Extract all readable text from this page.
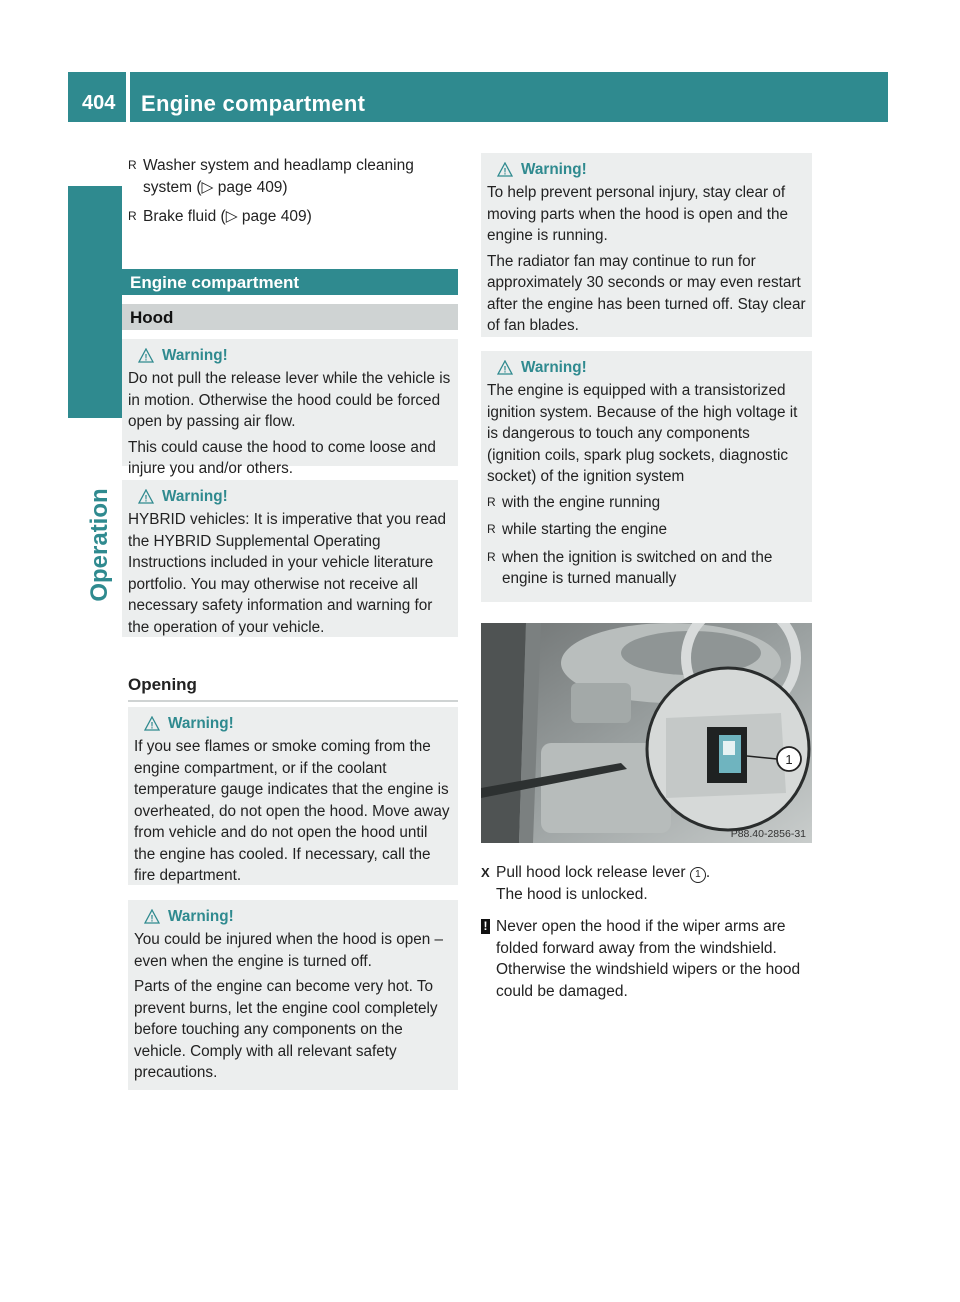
404 Engine compartment
Operation
R Washer system and headlamp cleaning system (▷ page 409)
R Brake fluid (▷ page 409)
Engine compartment
Hood
! Warning!

Do not pull the release lever while the vehicle is in motion. Otherwise the hood could be forced open by passing air flow.

This could cause the hood to come loose and injure you and/or others.

! Warning!

HYBRID vehicles: It is imperative that you read the HYBRID Supplemental Operating Instructions included in your vehicle literature portfolio. You may otherwise not receive all necessary safety information and warning for the operation of your vehicle.

Opening
! Warning!

If you see flames or smoke coming from the engine compartment, or if the coolant temperature gauge indicates that the engine is overheated, do not open the hood. Move away from vehicle and do not open the hood until the engine has cooled. If necessary, call the fire department.

! Warning!

You could be injured when the hood is open – even when the engine is turned off.

Parts of the engine can become very hot. To prevent burns, let the engine cool completely before touching any components on the vehicle. Comply with all relevant safety precautions.

! Warning!

To help prevent personal injury, stay clear of moving parts when the hood is open and the engine is running.

The radiator fan may continue to run for approximately 30 seconds or may even restart after the engine has been turned off. Stay clear of fan blades.

! Warning!

The engine is equipped with a transistorized ignition system. Because of the high voltage it is dangerous to touch any components (ignition coils, spark plug sockets, diagnostic socket) of the ignition system

R with the engine running
R while starting the engine
R when the ignition is switched on and the engine is turned manually
1
P88.40-2856-31
X Pull hood lock release lever 1 .
The hood is unlocked.
! Never open the hood if the wiper arms are folded forward away from the windshield. Otherwise the windshield wipers or the hood could be damaged.
